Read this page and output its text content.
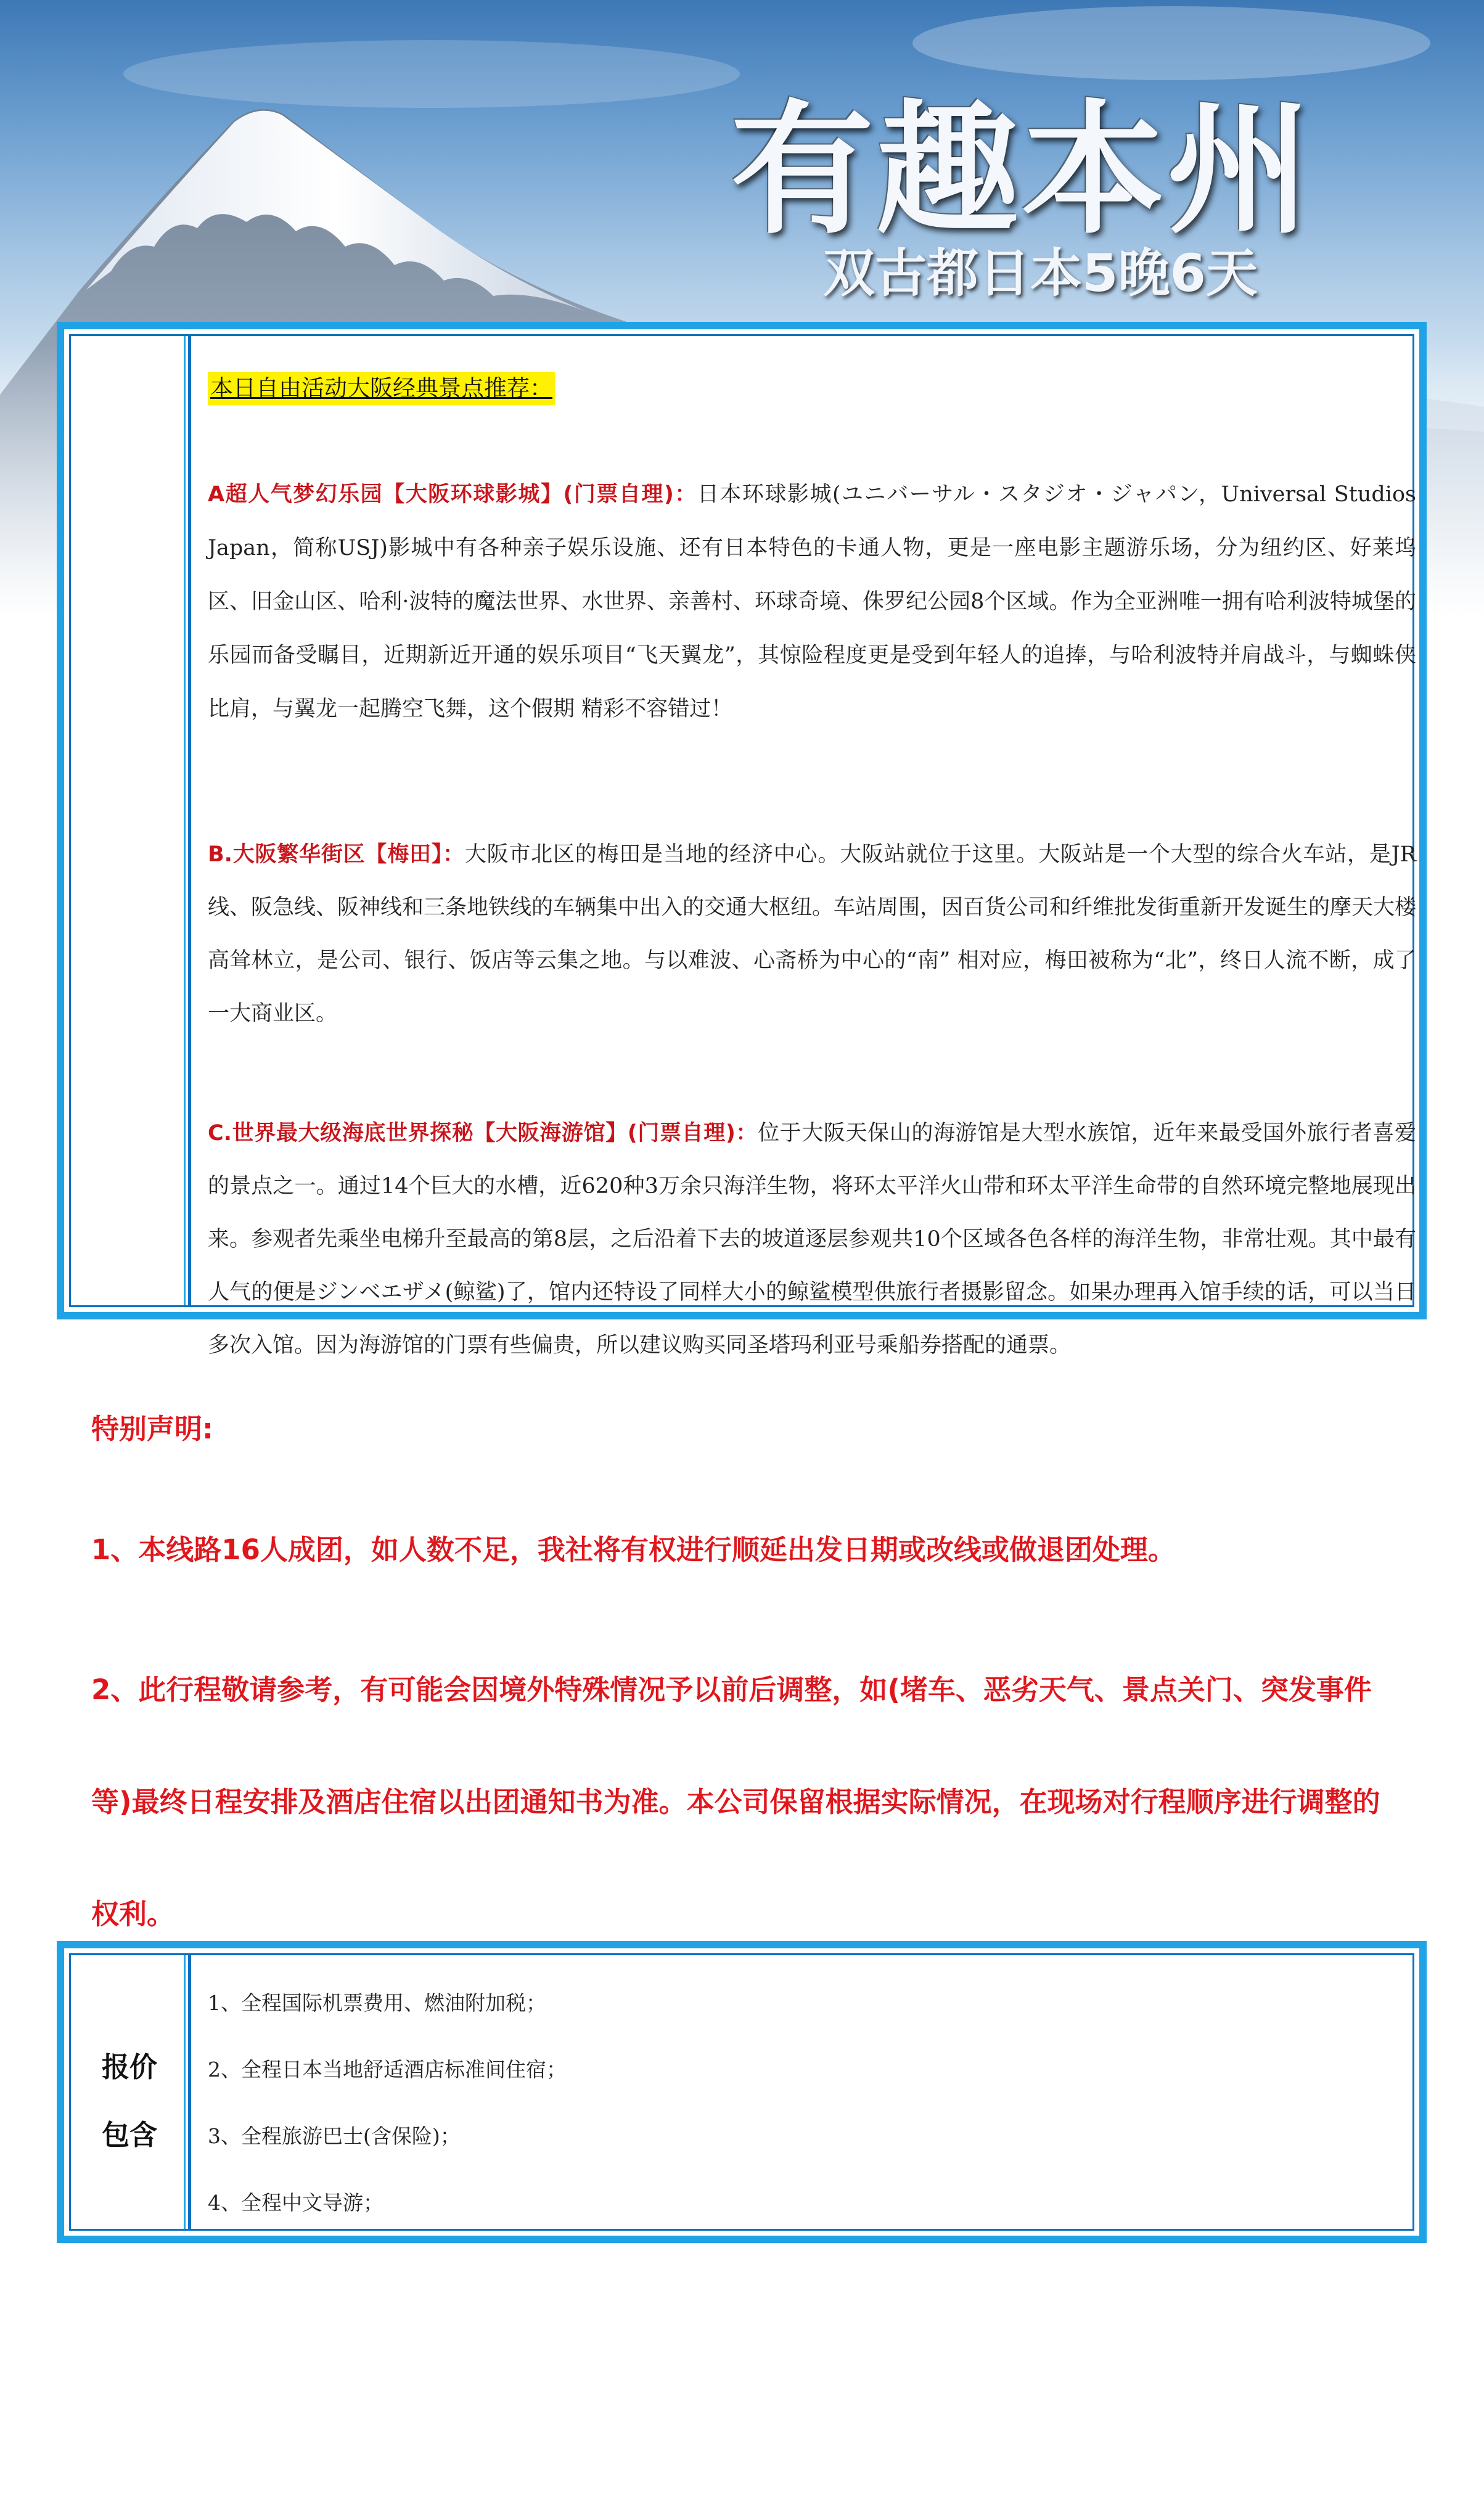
有趣本州
双古都日本5晚6天
本日自由活动大阪经典景点推荐：

A超人气梦幻乐园【大阪环球影城】(门票自理)：日本环球影城(ユニバーサル・スタジオ・ジャパン，Universal Studios Japan，简称USJ)影城中有各种亲子娱乐设施、还有日本特色的卡通人物，更是一座电影主题游乐场，分为纽约区、好莱坞区、旧金山区、哈利·波特的魔法世界、水世界、亲善村、环球奇境、侏罗纪公园8个区域。作为全亚洲唯一拥有哈利波特城堡的乐园而备受瞩目，近期新近开通的娱乐项目“飞天翼龙”，其惊险程度更是受到年轻人的追捧，与哈利波特并肩战斗，与蜘蛛侠比肩，与翼龙一起腾空飞舞，这个假期 精彩不容错过！

B.大阪繁华街区【梅田】：大阪市北区的梅田是当地的经济中心。大阪站就位于这里。大阪站是一个大型的综合火车站，是JR 线、阪急线、阪神线和三条地铁线的车辆集中出入的交通大枢纽。车站周围，因百货公司和纤维批发街重新开发诞生的摩天大楼高耸林立，是公司、银行、饭店等云集之地。与以难波、心斋桥为中心的“南” 相对应，梅田被称为“北”，终日人流不断，成了一大商业区。

C.世界最大级海底世界探秘【大阪海游馆】(门票自理)：位于大阪天保山的海游馆是大型水族馆，近年来最受国外旅行者喜爱的景点之一。通过14个巨大的水槽，近620种3万余只海洋生物，将环太平洋火山带和环太平洋生命带的自然环境完整地展现出来。参观者先乘坐电梯升至最高的第8层，之后沿着下去的坡道逐层参观共10个区域各色各样的海洋生物，非常壮观。其中最有人气的便是ジンベエザメ(鲸鲨)了，馆内还特设了同样大小的鲸鲨模型供旅行者摄影留念。如果办理再入馆手续的话，可以当日多次入馆。因为海游馆的门票有些偏贵，所以建议购买同圣塔玛利亚号乘船券搭配的通票。

特别声明:
1、本线路16人成团，如人数不足，我社将有权进行顺延出发日期或改线或做退团处理。
2、此行程敬请参考，有可能会因境外特殊情况予以前后调整，如(堵车、恶劣天气、景点关门、突发事件等)最终日程安排及酒店住宿以出团通知书为准。本公司保留根据实际情况，在现场对行程顺序进行调整的权利。
报价
包含
1、全程国际机票费用、燃油附加税；
2、全程日本当地舒适酒店标准间住宿；
3、全程旅游巴士(含保险)；
4、全程中文导游；
